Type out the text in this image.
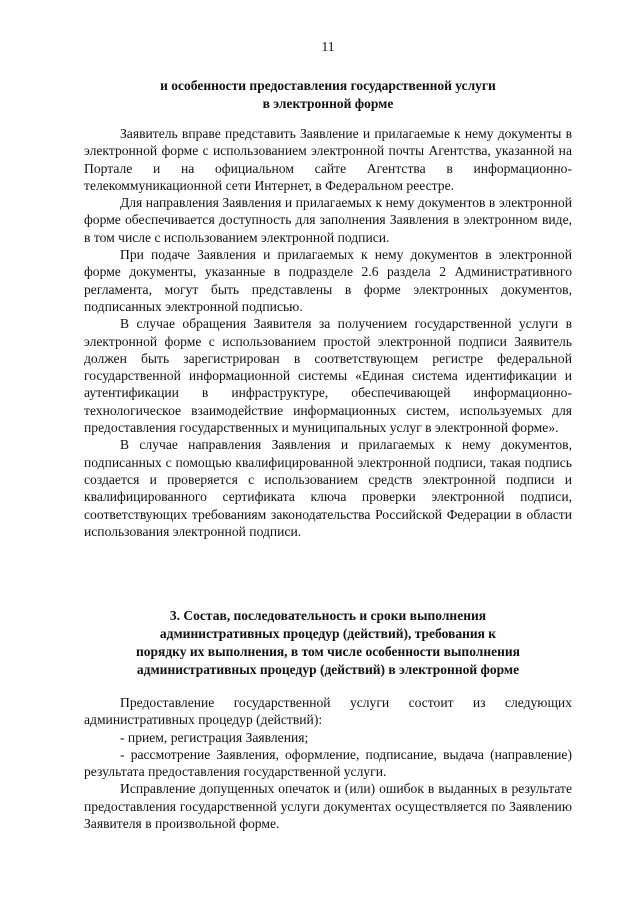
11
и особенности предоставления государственной услуги
в электронной форме

Заявитель вправе представить Заявление и прилагаемые к нему документы в электронной форме с использованием электронной почты Агентства, указанной на Портале и на официальном сайте Агентства в информационно-телекоммуникационной сети Интернет, в Федеральном реестре.

Для направления Заявления и прилагаемых к нему документов в электронной форме обеспечивается доступность для заполнения Заявления в электронном виде, в том числе с использованием электронной подписи.

При подаче Заявления и прилагаемых к нему документов в электронной форме документы, указанные в подразделе 2.6 раздела 2 Административного регламента, могут быть представлены в форме электронных документов, подписанных электронной подписью.

В случае обращения Заявителя за получением государственной услуги в электронной форме с использованием простой электронной подписи Заявитель должен быть зарегистрирован в соответствующем регистре федеральной государственной информационной системы «Единая система идентификации и аутентификации в инфраструктуре, обеспечивающей информационно-технологическое взаимодействие информационных систем, используемых для предоставления государственных и муниципальных услуг в электронной форме».

В случае направления Заявления и прилагаемых к нему документов, подписанных с помощью квалифицированной электронной подписи, такая подпись создается и проверяется с использованием средств электронной подписи и квалифицированного сертификата ключа проверки электронной подписи, соответствующих требованиям законодательства Российской Федерации в области использования электронной подписи.

3. Состав, последовательность и сроки выполнения
административных процедур (действий), требования к
порядку их выполнения, в том числе особенности выполнения
административных процедур (действий) в электронной форме

Предоставление государственной услуги состоит из следующих административных процедур (действий):

- прием, регистрация Заявления;

- рассмотрение Заявления, оформление, подписание, выдача (направление) результата предоставления государственной услуги.

Исправление допущенных опечаток и (или) ошибок в выданных в результате предоставления государственной услуги документах осуществляется по Заявлению Заявителя в произвольной форме.
